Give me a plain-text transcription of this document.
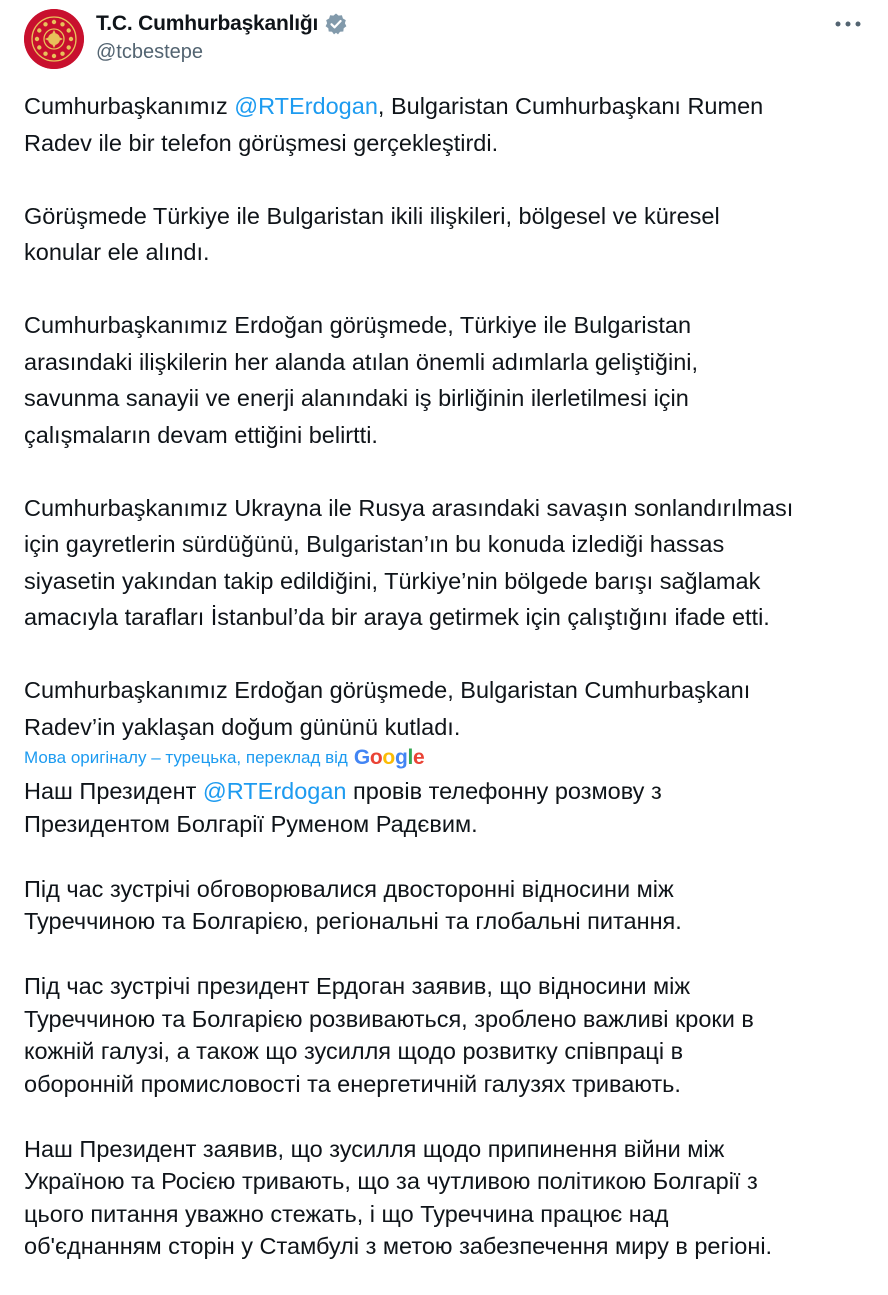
T.C. Cumhurbaşkanlığı
@tcbestepe

Cumhurbaşkanımız @RTErdogan, Bulgaristan Cumhurbaşkanı Rumen
Radev ile bir telefon görüşmesi gerçekleştirdi.

Görüşmede Türkiye ile Bulgaristan ikili ilişkileri, bölgesel ve küresel
konular ele alındı.

Cumhurbaşkanımız Erdoğan görüşmede, Türkiye ile Bulgaristan
arasındaki ilişkilerin her alanda atılan önemli adımlarla geliştiğini,
savunma sanayii ve enerji alanındaki iş birliğinin ilerletilmesi için
çalışmaların devam ettiğini belirtti.

Cumhurbaşkanımız Ukrayna ile Rusya arasındaki savaşın sonlandırılması
için gayretlerin sürdüğünü, Bulgaristan’ın bu konuda izlediği hassas
siyasetin yakından takip edildiğini, Türkiye’nin bölgede barışı sağlamak
amacıyla tarafları İstanbul’da bir araya getirmek için çalıştığını ifade etti.

Cumhurbaşkanımız Erdoğan görüşmede, Bulgaristan Cumhurbaşkanı
Radev’in yaklaşan doğum gününü kutladı.

Мова оригіналу – турецька, переклад від Google

Наш Президент @RTErdogan провів телефонну розмову з
Президентом Болгарії Руменом Радєвим.

Під час зустрічі обговорювалися двосторонні відносини між
Туреччиною та Болгарією, регіональні та глобальні питання.

Під час зустрічі президент Ердоган заявив, що відносини між
Туреччиною та Болгарією розвиваються, зроблено важливі кроки в
кожній галузі, а також що зусилля щодо розвитку співпраці в
оборонній промисловості та енергетичній галузях тривають.

Наш Президент заявив, що зусилля щодо припинення війни між
Україною та Росією тривають, що за чутливою політикою Болгарії з
цього питання уважно стежать, і що Туреччина працює над
об'єднанням сторін у Стамбулі з метою забезпечення миру в регіоні.
